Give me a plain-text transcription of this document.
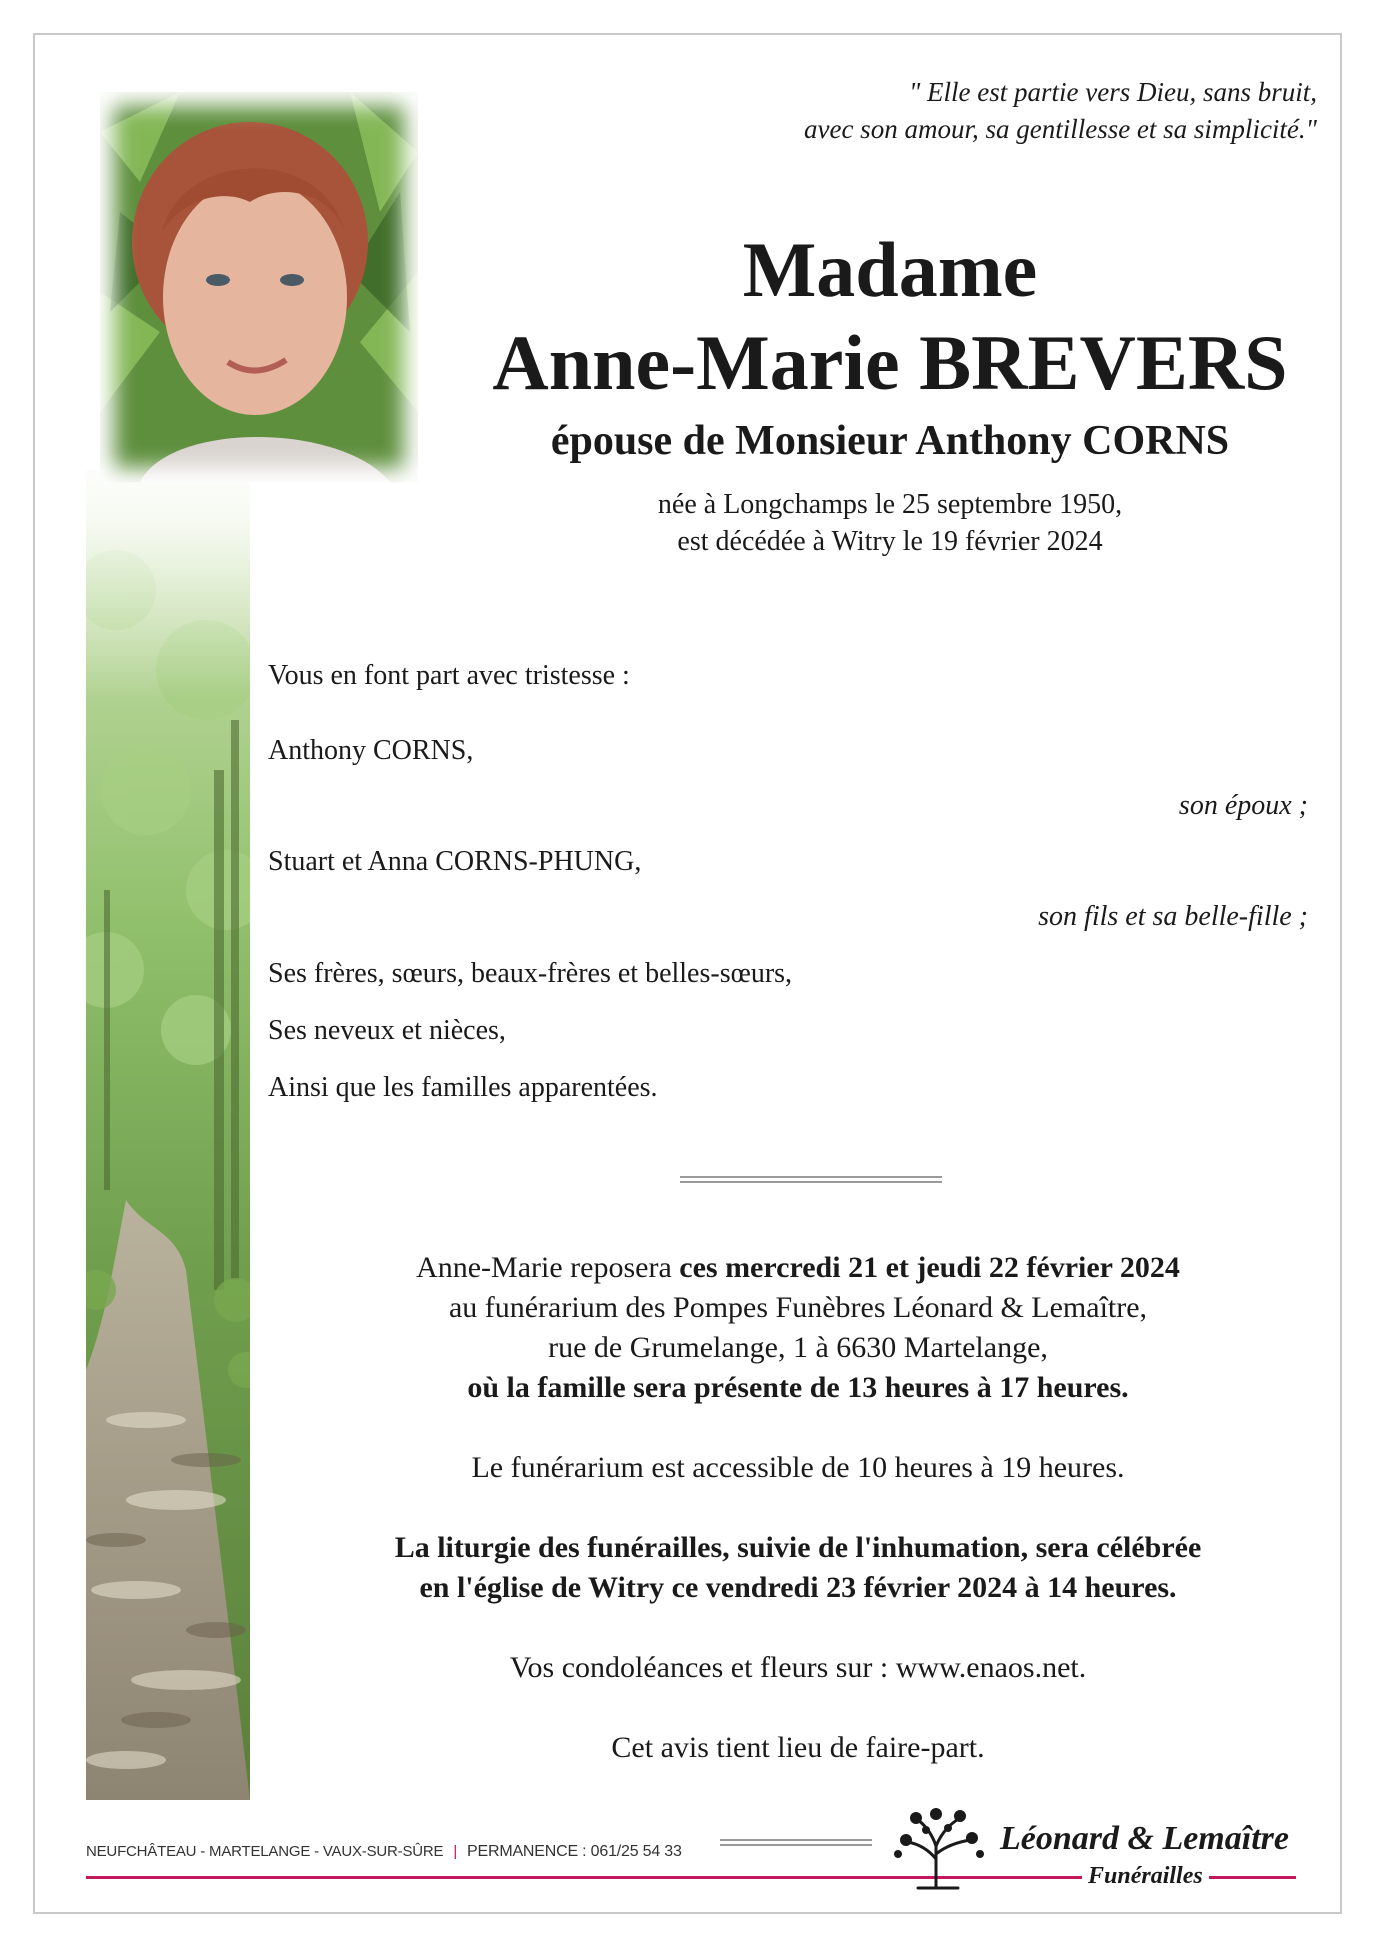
" Elle est partie vers Dieu, sans bruit,
avec son amour, sa gentillesse et sa simplicité."
Madame
Anne-Marie BREVERS
épouse de Monsieur Anthony CORNS
née à Longchamps le 25 septembre 1950,
est décédée à Witry le 19 février 2024
Vous en font part avec tristesse :
Anthony CORNS,
son époux ;
Stuart et Anna CORNS-PHUNG,
son fils et sa belle-fille ;
Ses frères, sœurs, beaux-frères et belles-sœurs,
Ses neveux et nièces,
Ainsi que les familles apparentées.

Anne-Marie reposera ces mercredi 21 et jeudi 22 février 2024

au funérarium des Pompes Funèbres Léonard & Lemaître,

rue de Grumelange, 1 à 6630 Martelange,

où la famille sera présente de 13 heures à 17 heures.

Le funérarium est accessible de 10 heures à 19 heures.

La liturgie des funérailles, suivie de l'inhumation, sera célébrée

en l'église de Witry ce vendredi 23 février 2024 à 14 heures.

Vos condoléances et fleurs sur : www.enaos.net.

Cet avis tient lieu de faire-part.

NEUFCHÂTEAU - MARTELANGE - VAUX-SUR-SÛRE | PERMANENCE : 061/25 54 33	Léonard & Lemaître
Funérailles
